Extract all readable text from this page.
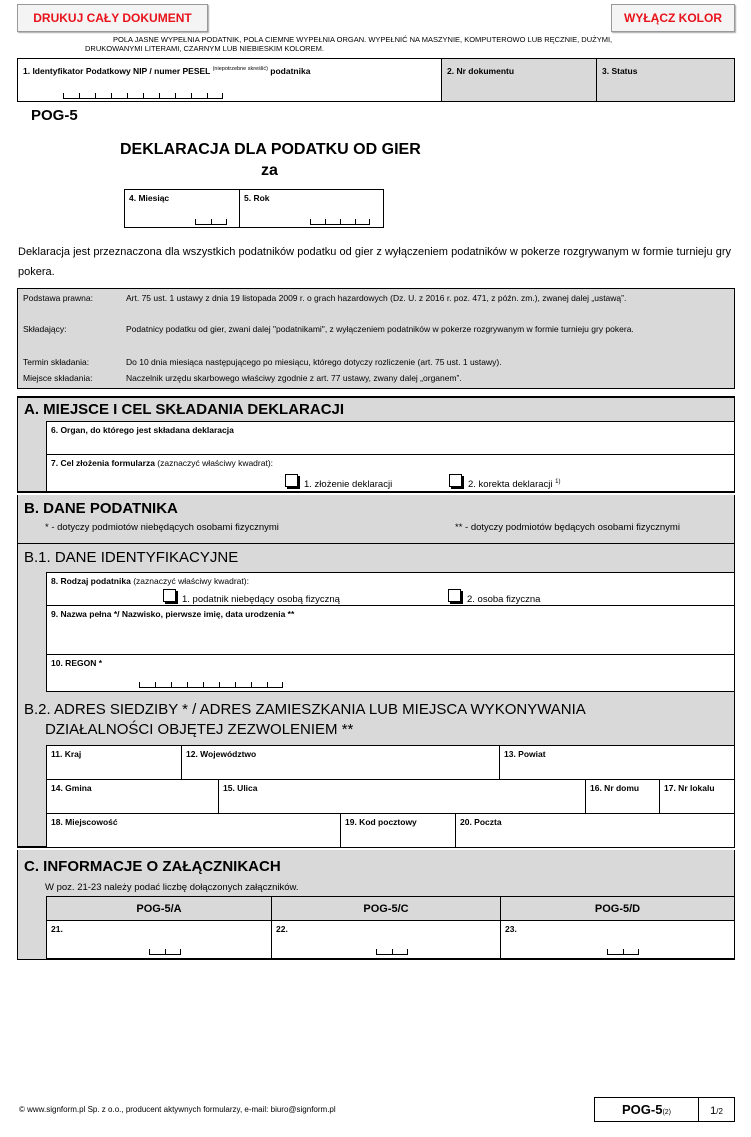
DRUKUJ CAŁY DOKUMENT	WYŁĄCZ KOLOR
POLA JASNE WYPEŁNIA PODATNIK, POLA CIEMNE WYPEŁNIA ORGAN. WYPEŁNIĆ NA MASZYNIE, KOMPUTEROWO LUB RĘCZNIE, DUŻYMI,
DRUKOWANYMI LITERAMI, CZARNYM LUB NIEBIESKIM KOLOREM.
1. Identyfikator Podatkowy NIP / numer PESEL $^{(niepotrzebne skreślić)}$ podatnika	2. Nr dokumentu	3. Status
POG-5
DEKLARACJA DLA PODATKU OD GIER
za
4. Miesiąc	5. Rok
Deklaracja jest przeznaczona dla wszystkich podatników podatku od gier z wyłączeniem podatników w pokerze rozgrywanym w formie turnieju gry pokera.
Podstawa prawna:	Art. 75 ust. 1 ustawy z dnia 19 listopada 2009 r. o grach hazardowych (Dz. U. z 2016 r. poz. 471, z późn. zm.), zwanej dalej „ustawą”.
Składający:	Podatnicy podatku od gier, zwani dalej "podatnikami", z wyłączeniem podatników w pokerze rozgrywanym w formie turnieju gry pokera.
Termin składania:	Do 10 dnia miesiąca następującego po miesiącu, którego dotyczy rozliczenie (art. 75 ust. 1 ustawy).
Miejsce składania:	Naczelnik urzędu skarbowego właściwy zgodnie z art. 77 ustawy, zwany dalej „organem”.
A. MIEJSCE I CEL SKŁADANIA DEKLARACJI
6. Organ, do którego jest składana deklaracja
7. Cel złożenia formularza (zaznaczyć właściwy kwadrat):
1. złożenie deklaracji	2. korekta deklaracji $^{1)}$
B. DANE PODATNIKA
* - dotyczy podmiotów niebędących osobami fizycznymi	** - dotyczy podmiotów będących osobami fizycznymi
B.1. DANE IDENTYFIKACYJNE
8. Rodzaj podatnika (zaznaczyć właściwy kwadrat):
1. podatnik niebędący osobą fizyczną	2. osoba fizyczna
9. Nazwa pełna */ Nazwisko, pierwsze imię, data urodzenia **
10. REGON *
B.2. ADRES SIEDZIBY * / ADRES ZAMIESZKANIA LUB MIEJSCA WYKONYWANIA
DZIAŁALNOŚCI OBJĘTEJ ZEZWOLENIEM **
11. Kraj	12. Województwo	13. Powiat
14. Gmina	15. Ulica	16. Nr domu	17. Nr lokalu
18. Miejscowość	19. Kod pocztowy	20. Poczta
C. INFORMACJE O ZAŁĄCZNIKACH
W poz. 21-23 należy podać liczbę dołączonych załączników.
POG-5/A	POG-5/C	POG-5/D
21.	22.	23.
© www.signform.pl Sp. z o.o., producent aktywnych formularzy, e-mail: biuro@signform.pl	POG-5(2)	1/2
